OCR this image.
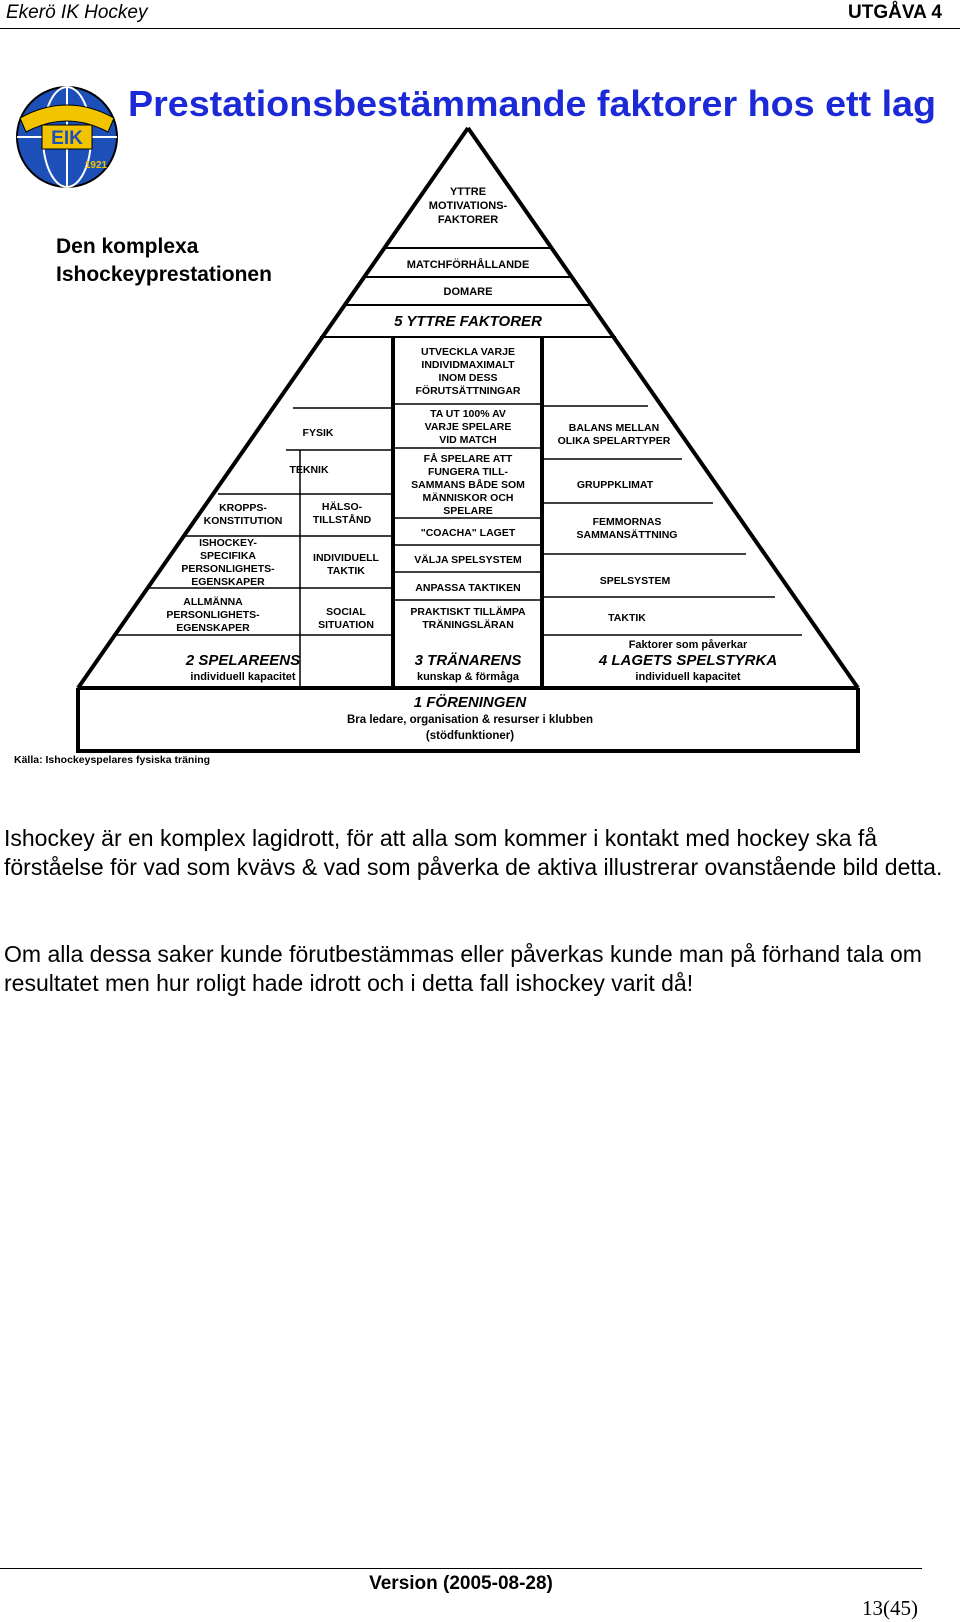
Ekerö IK Hockey	UTGÅVA 4
EIK
1921
Prestationsbestämmande faktorer hos ett lag
Den komplexa
Ishockeyprestationen
YTTRE
MOTIVATIONS-
FAKTORER
MATCHFÖRHÅLLANDE
DOMARE
5 YTTRE FAKTORER
FYSIK
TEKNIK
KROPPS-
KONSTITUTION
HÄLSO-
TILLSTÅND
ISHOCKEY-
SPECIFIKA
PERSONLIGHETS-
EGENSKAPER
INDIVIDUELL
TAKTIK
ALLMÄNNA
PERSONLIGHETS-
EGENSKAPER
SOCIAL
SITUATION
2 SPELAREENS
individuell kapacitet
UTVECKLA VARJE
INDIVIDMAXIMALT
INOM DESS
FÖRUTSÄTTNINGAR
TA UT 100% AV
VARJE SPELARE
VID MATCH
FÅ SPELARE ATT
FUNGERA TILL-
SAMMANS BÅDE SOM
MÄNNISKOR OCH
SPELARE
"COACHA" LAGET
VÄLJA SPELSYSTEM
ANPASSA TAKTIKEN
PRAKTISKT TILLÄMPA
TRÄNINGSLÄRAN
3 TRÄNARENS
kunskap & förmåga
BALANS MELLAN
OLIKA SPELARTYPER
GRUPPKLIMAT
FEMMORNAS
SAMMANSÄTTNING
SPELSYSTEM
TAKTIK
Faktorer som påverkar
4 LAGETS SPELSTYRKA
individuell kapacitet
1 FÖRENINGEN
Bra ledare, organisation & resurser i klubben
(stödfunktioner)
Källa: Ishockeyspelares fysiska träning

Ishockey är en komplex lagidrott, för att alla som kommer i kontakt med hockey ska få förståelse för vad som kvävs & vad som påverka de aktiva illustrerar ovanstående bild detta.

Om alla dessa saker kunde förutbestämmas eller påverkas kunde man på förhand tala om resultatet men hur roligt hade idrott och i detta fall ishockey varit då!

Version (2005-08-28)
13(45)
